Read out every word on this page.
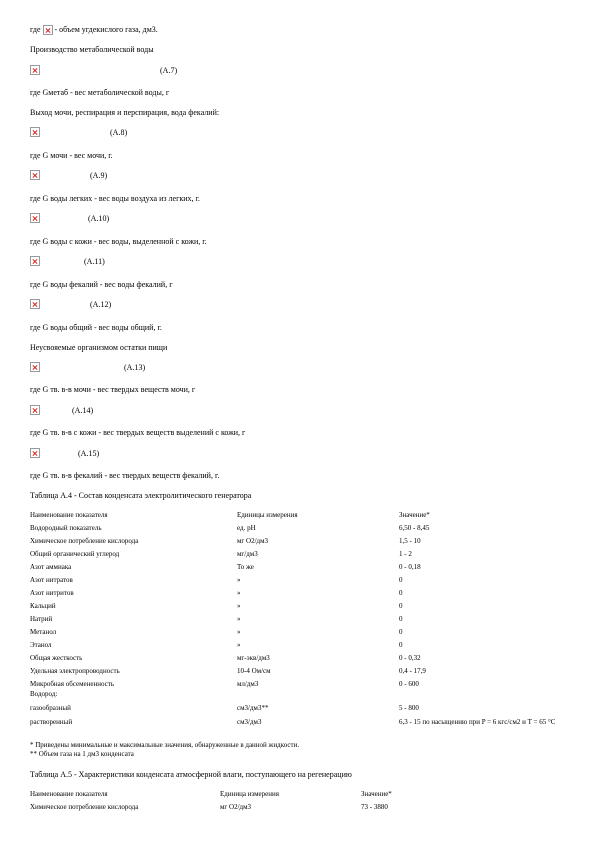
где  - объем угдекислого газа, дм3.
Производство метаболической воды
(А.7)
где Gметаб - вес метаболической воды, г
Выход мочи, респирация и перспирация, вода фекалий:
(А.8)
где G мочи - вес мочи, г.
(А.9)
где G воды легких - вес воды воздуха из легких, г.
(А.10)
где G воды с кожи - вес воды, выделенной с кожи, г.
(А.11)
где G воды фекалий - вес воды фекалий, г
(А.12)
где G воды общий - вес воды общий, г.
Неусвояемые организмом остатки пищи
(А.13)
где G тв. в-в мочи - вес твердых веществ мочи, г
(А.14)
где G тв. в-в с кожи - вес твердых веществ выделений с кожи, г
(А.15)
где G тв. в-в фекалий - вес твердых веществ фекалий, г.
Таблица А.4 - Состав конденсата электролитического генератора
Наименование показателя	Единицы измерения	Значение*
Водородный показатель	ед. pH	6,50 - 8,45
Химическое потребление кислорода	мг O2/дм3	1,5 - 10
Общий органический углерод	мг/дм3	1 - 2
Азот аммиака	То же	0 - 0,18
Азот нитратов	»	0
Азот нитритов	»	0
Кальций	»	0
Натрий	»	0
Метанол	»	0
Этанол	»	0
Общая жесткость	мг-экв/дм3	0 - 0,32
Удельная электропроводность	10-4 Ом/см	0,4 - 17,9
Микробная обсемененность	мл/дм3	0 - 600
Водород:
газообразный	см3/дм3**	5 - 800
растворенный	см3/дм3	6,3 - 15 по насыщению при P = 6 кгс/см2 и T = 65 °C
* Приведены минимальные и максимальные значения, обнаруженные в данной жидкости.
** Объем газа на 1 дм3 конденсата
Таблица А.5 - Характеристики конденсата атмосферной влаги, поступающего на регенерацию
Наименование показателя	Единица измерения	Значение*
Химическое потребление кислорода	мг O2/дм3	73 - 3880
